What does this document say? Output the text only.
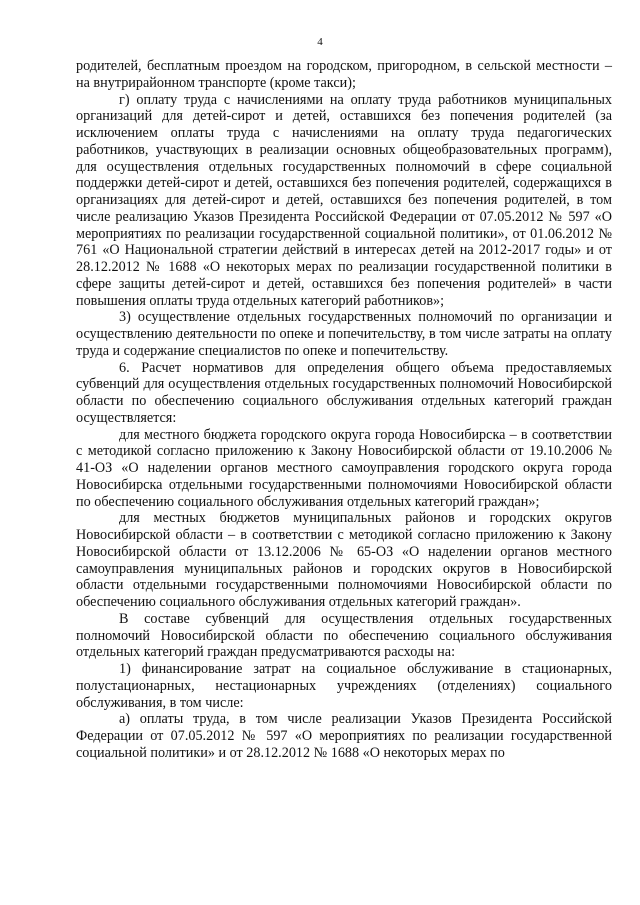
4

родителей, бесплатным проездом на городском, пригородном, в сельской местности – на внутрирайонном транспорте (кроме такси);

г) оплату труда с начислениями на оплату труда работников муниципальных организаций для детей-сирот и детей, оставшихся без попечения родителей (за исключением оплаты труда с начислениями на оплату труда педагогических работников, участвующих в реализации основных общеобразовательных программ), для осуществления отдельных государственных полномочий в сфере социальной поддержки детей-сирот и детей, оставшихся без попечения родителей, содержащихся в организациях для детей-сирот и детей, оставшихся без попечения родителей, в том числе реализацию Указов Президента Российской Федерации от 07.05.2012 № 597 «О мероприятиях по реализации государственной социальной политики», от 01.06.2012 № 761 «О Национальной стратегии действий в интересах детей на 2012-2017 годы» и от 28.12.2012 № 1688 «О некоторых мерах по реализации государственной политики в сфере защиты детей-сирот и детей, оставшихся без попечения родителей» в части повышения оплаты труда отдельных категорий работников»;

3) осуществление отдельных государственных полномочий по организации и осуществлению деятельности по опеке и попечительству, в том числе затраты на оплату труда и содержание специалистов по опеке и попечительству.

6. Расчет нормативов для определения общего объема предоставляемых субвенций для осуществления отдельных государственных полномочий Новосибирской области по обеспечению социального обслуживания отдельных категорий граждан осуществляется:

для местного бюджета городского округа города Новосибирска – в соответствии с методикой согласно приложению к Закону Новосибирской области от 19.10.2006 № 41-ОЗ «О наделении органов местного самоуправления городского округа города Новосибирска отдельными государственными полномочиями Новосибирской области по обеспечению социального обслуживания отдельных категорий граждан»;

для местных бюджетов муниципальных районов и городских округов Новосибирской области – в соответствии с методикой согласно приложению к Закону Новосибирской области от 13.12.2006 № 65-ОЗ «О наделении органов местного самоуправления муниципальных районов и городских округов в Новосибирской области отдельными государственными полномочиями Новосибирской области по обеспечению социального обслуживания отдельных категорий граждан».

В составе субвенций для осуществления отдельных государственных полномочий Новосибирской области по обеспечению социального обслуживания отдельных категорий граждан предусматриваются расходы на:

1) финансирование затрат на социальное обслуживание в стационарных, полустационарных, нестационарных учреждениях (отделениях) социального обслуживания, в том числе:

а) оплаты труда, в том числе реализации Указов Президента Российской Федерации от 07.05.2012 № 597 «О мероприятиях по реализации государственной социальной политики» и от 28.12.2012 № 1688 «О некоторых мерах по
